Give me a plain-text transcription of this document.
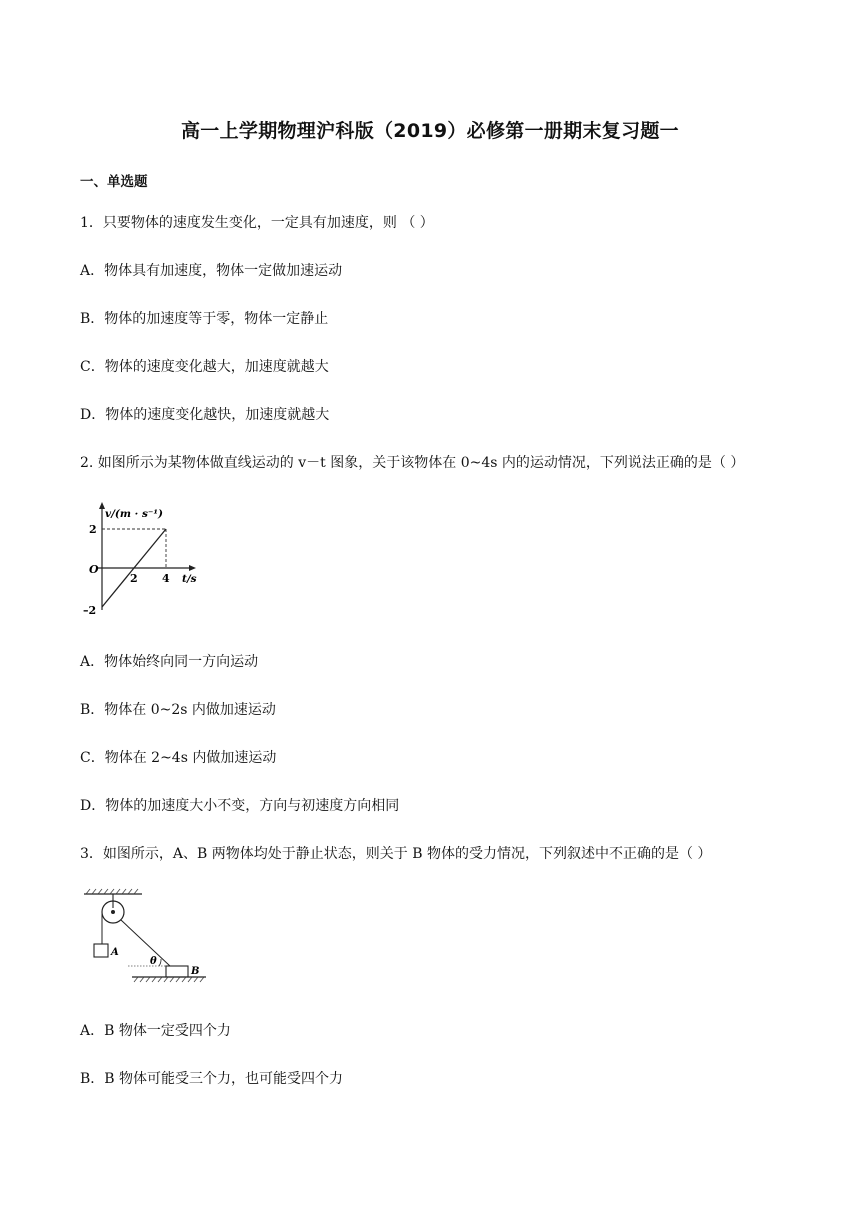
高一上学期物理沪科版（2019）必修第一册期末复习题一
一、单选题
1．只要物体的速度发生变化，一定具有加速度，则 （ ）
A．物体具有加速度，物体一定做加速运动
B．物体的加速度等于零，物体一定静止
C．物体的速度变化越大，加速度就越大
D．物体的速度变化越快，加速度就越大
2. 如图所示为某物体做直线运动的 v－t 图象，关于该物体在 0~4s 内的运动情况，下列说法正确的是（ ）
v/(m · s⁻¹)
2
–2
O
2 4 t/s
A．物体始终向同一方向运动
B．物体在 0~2s 内做加速运动
C．物体在 2~4s 内做加速运动
D．物体的加速度大小不变，方向与初速度方向相同
3．如图所示，A、B 两物体均处于静止状态，则关于 B 物体的受力情况，下列叙述中不正确的是（ ）
A
θ
B
A．B 物体一定受四个力
B．B 物体可能受三个力，也可能受四个力
